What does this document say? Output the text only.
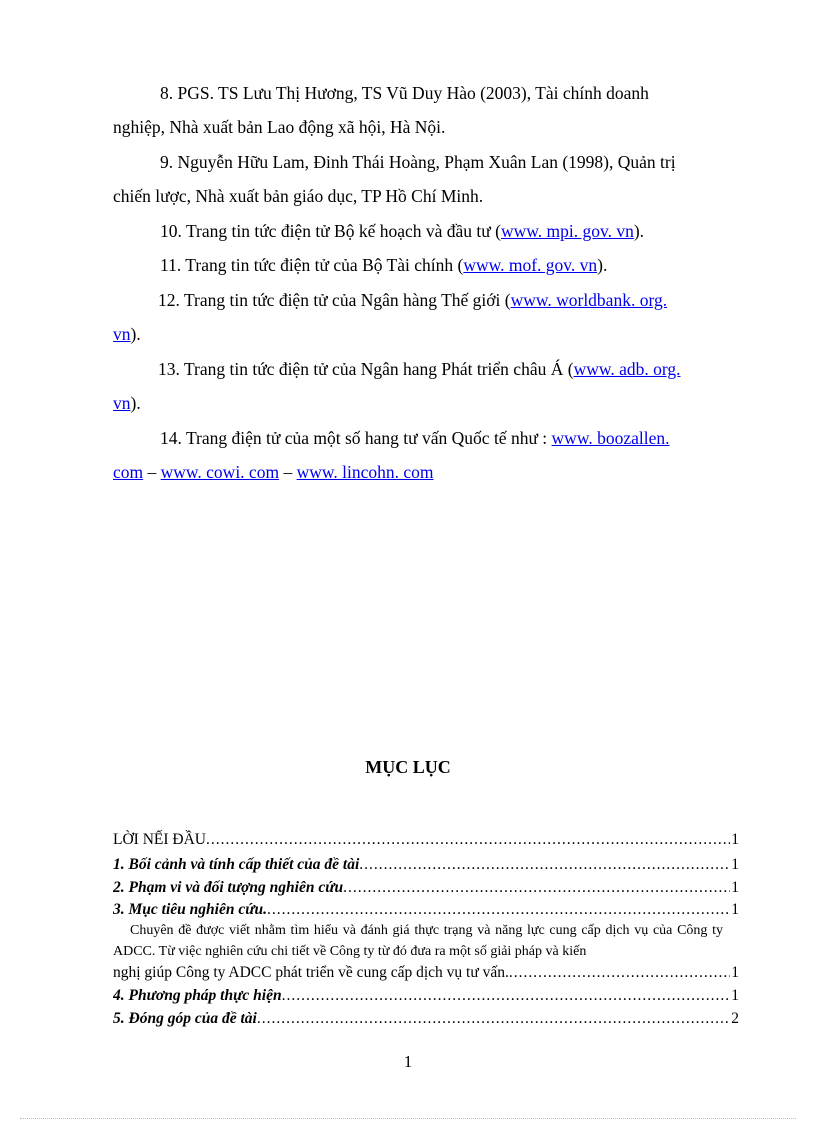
8. PGS. TS Lưu Thị Hương, TS Vũ Duy Hào (2003), Tài chính doanh
nghiệp, Nhà xuất bản Lao động xã hội, Hà Nội.
9. Nguyễn Hữu Lam, Đinh Thái Hoàng, Phạm Xuân Lan (1998), Quản trị
chiến lược, Nhà xuất bản giáo dục, TP Hồ Chí Minh.
10. Trang tin tức điện tử Bộ kế hoạch và đầu tư (www. mpi. gov. vn).
11. Trang tin tức điện tử của Bộ Tài chính (www. mof. gov. vn).
12. Trang tin tức điện tử của Ngân hàng Thế giới (www. worldbank. org.
vn).
13. Trang tin tức điện tử của Ngân hang Phát triển châu Á (www. adb. org.
vn).
14. Trang điện tử của một số hang tư vấn Quốc tế như : www. boozallen.
com – www. cowi. com – www. lincohn. com
MỤC LỤC
LỜI NẾI ĐẦU .....	1
1. Bối cảnh và tính cấp thiết của đề tài .....	1
2. Phạm vi và đối tượng nghiên cứu .....	1
3. Mục tiêu nghiên cứu. .....	1
Chuyên đề được viết nhằm tìm hiểu và đánh giá thực trạng và năng lực cung cấp dịch vụ của Công ty ADCC. Từ việc nghiên cứu chi tiết về Công ty từ đó đưa ra một số giải pháp và kiến
nghị giúp Công ty ADCC phát triển về cung cấp dịch vụ tư vấn. .....	1
4. Phương pháp thực hiện .....	1
5. Đóng góp của đề tài .....	2
1
